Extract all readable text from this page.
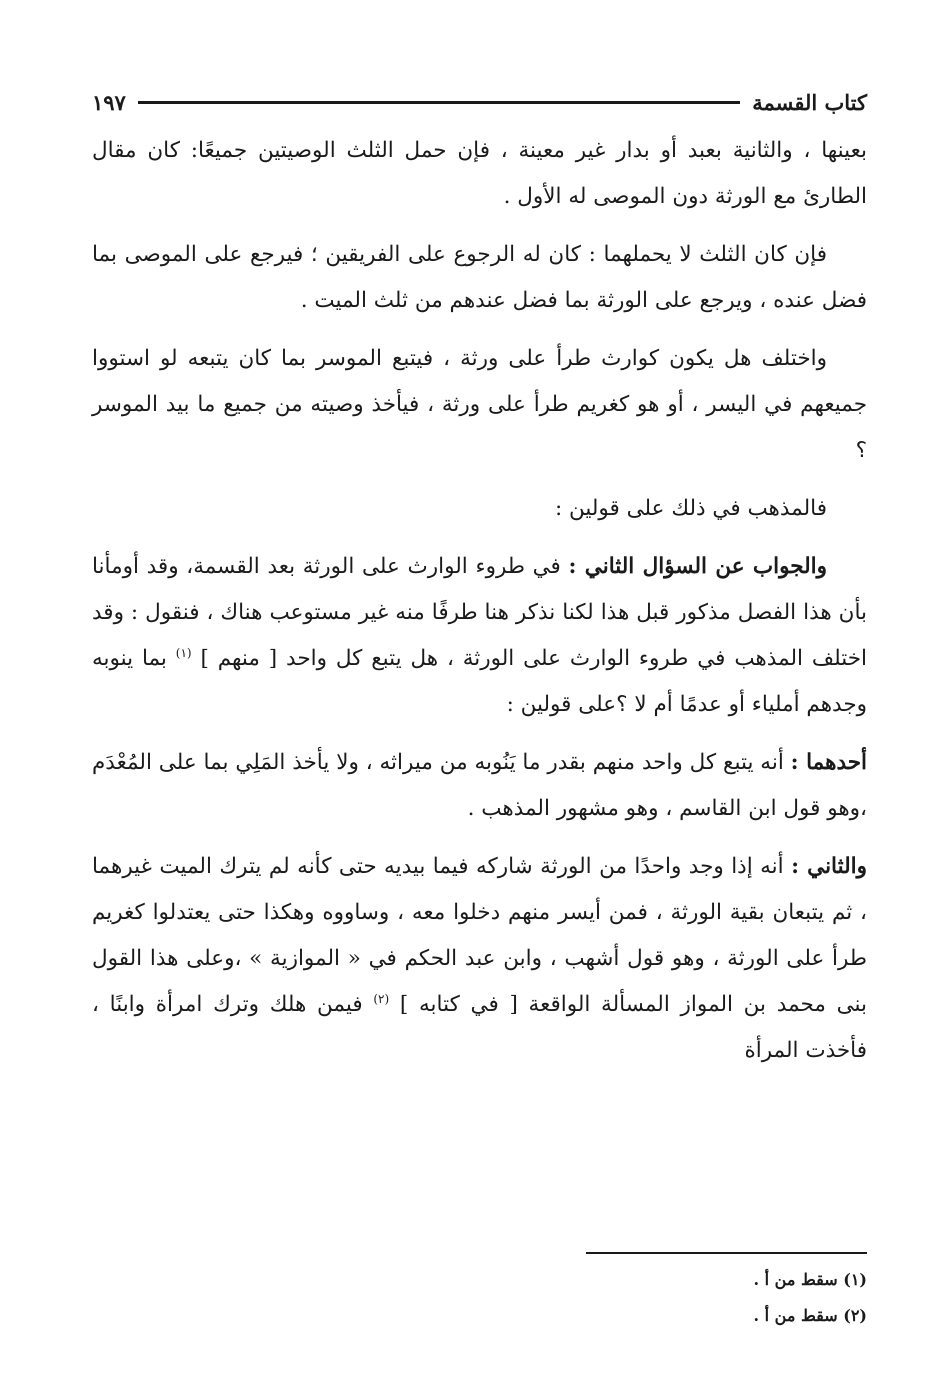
كتاب القسمة
١٩٧

بعينها ، والثانية بعبد أو بدار غير معينة ، فإن حمل الثلث الوصيتين جميعًا: كان مقال الطارئ مع الورثة دون الموصى له الأول .

فإن كان الثلث لا يحملهما : كان له الرجوع على الفريقين ؛ فيرجع على الموصى بما فضل عنده ، ويرجع على الورثة بما فضل عندهم من ثلث الميت .

واختلف هل يكون كوارث طرأ على ورثة ، فيتبع الموسر بما كان يتبعه لو استووا جميعهم في اليسر ، أو هو كغريم طرأ على ورثة ، فيأخذ وصيته من جميع ما بيد الموسر ؟

فالمذهب في ذلك على قولين :

والجواب عن السؤال الثاني : في طروء الوارث على الورثة بعد القسمة، وقد أومأنا بأن هذا الفصل مذكور قبل هذا لكنا نذكر هنا طرفًا منه غير مستوعب هناك ، فنقول : وقد اختلف المذهب في طروء الوارث على الورثة ، هل يتبع كل واحد [ منهم ] $^{(١)}$ بما ينوبه وجدهم أملياء أو عدمًا أم لا ؟على قولين :

أحدهما : أنه يتبع كل واحد منهم بقدر ما يَنُوبه من ميراثه ، ولا يأخذ المَلِي بما على المُعْدَم ،وهو قول ابن القاسم ، وهو مشهور المذهب .

والثاني : أنه إذا وجد واحدًا من الورثة شاركه فيما بيديه حتى كأنه لم يترك الميت غيرهما ، ثم يتبعان بقية الورثة ، فمن أيسر منهم دخلوا معه ، وساووه وهكذا حتى يعتدلوا كغريم طرأ على الورثة ، وهو قول أشهب ، وابن عبد الحكم في « الموازية » ،وعلى هذا القول بنى محمد بن المواز المسألة الواقعة [ في كتابه ] $^{(٢)}$ فيمن هلك وترك امرأة وابنًا ، فأخذت المرأة

(١) سقط من أ .
(٢) سقط من أ .
